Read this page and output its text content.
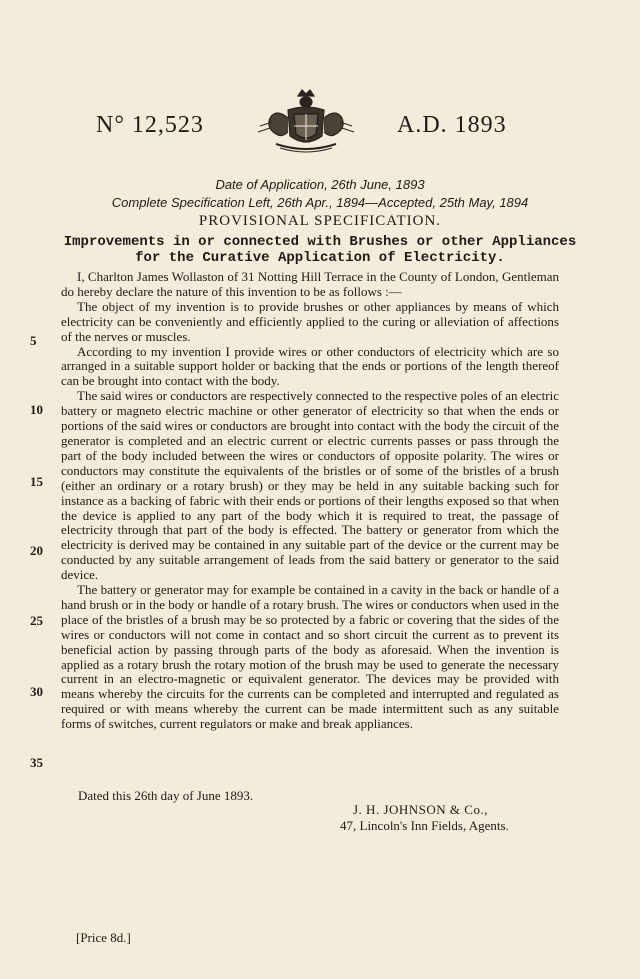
N° 12,523	A.D. 1893
Date of Application, 26th June, 1893
Complete Specification Left, 26th Apr., 1894—Accepted, 25th May, 1894
PROVISIONAL SPECIFICATION.
Improvements in or connected with Brushes or other Appliances
for the Curative Application of Electricity.

I, Charlton James Wollaston of 31 Notting Hill Terrace in the County of London, Gentleman do hereby declare the nature of this invention to be as follows :—

The object of my invention is to provide brushes or other appliances by means of which electricity can be conveniently and efficiently applied to the curing or alleviation of affections of the nerves or muscles.

According to my invention I provide wires or other conductors of electricity which are so arranged in a suitable support holder or backing that the ends or portions of the length thereof can be brought into contact with the body.

The said wires or conductors are respectively connected to the respective poles of an electric battery or magneto electric machine or other generator of electricity so that when the ends or portions of the said wires or conductors are brought into contact with the body the circuit of the generator is completed and an electric current or electric currents passes or pass through the part of the body included between the wires or conductors of opposite polarity. The wires or conductors may constitute the equivalents of the bristles or of some of the bristles of a brush (either an ordinary or a rotary brush) or they may be held in any suitable backing such for instance as a backing of fabric with their ends or portions of their lengths exposed so that when the device is applied to any part of the body which it is required to treat, the passage of electricity through that part of the body is effected. The battery or generator from which the electricity is derived may be contained in any suitable part of the device or the current may be conducted by any suitable arrangement of leads from the said battery or generator to the said device.

The battery or generator may for example be contained in a cavity in the back or handle of a hand brush or in the body or handle of a rotary brush. The wires or conductors when used in the place of the bristles of a brush may be so protected by a fabric or covering that the sides of the wires or conductors will not come in contact and so short circuit the current as to prevent its beneficial action by passing through parts of the body as aforesaid. When the invention is applied as a rotary brush the rotary motion of the brush may be used to generate the necessary current in an electro-magnetic or equivalent generator. The devices may be provided with means whereby the circuits for the currents can be completed and interrupted and regulated as required or with means whereby the current can be made intermittent such as any suitable forms of switches, current regulators or make and break appliances.

5
10
15
20
25
30
35
Dated this 26th day of June 1893.
J. H. JOHNSON & Co.,
47, Lincoln's Inn Fields, Agents.
[Price 8d.]
